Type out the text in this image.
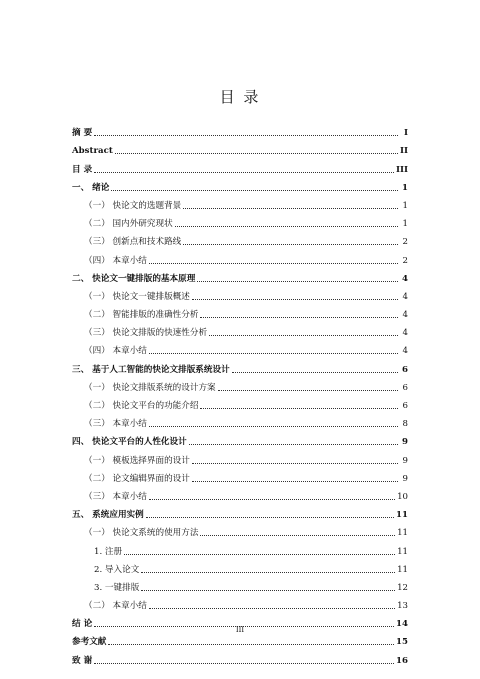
目 录
摘 要	I
Abstract	II
目 录	III
一、 绪论	1
（一） 快论文的选题背景	1
（二） 国内外研究现状	1
（三） 创新点和技术路线	2
（四） 本章小结	2
二、 快论文一键排版的基本原理	4
（一） 快论文一键排版概述	4
（二） 智能排版的准确性分析	4
（三） 快论文排版的快速性分析	4
（四） 本章小结	4
三、 基于人工智能的快论文排版系统设计	6
（一） 快论文排版系统的设计方案	6
（二） 快论文平台的功能介绍	6
（三） 本章小结	8
四、 快论文平台的人性化设计	9
（一） 模板选择界面的设计	9
（二） 论文编辑界面的设计	9
（三） 本章小结	10
五、 系统应用实例	11
（一） 快论文系统的使用方法	11
1. 注册	11
2. 导入论文	11
3. 一键排版	12
（二） 本章小结	13
结 论	14
参考文献	15
致 谢	16
III
